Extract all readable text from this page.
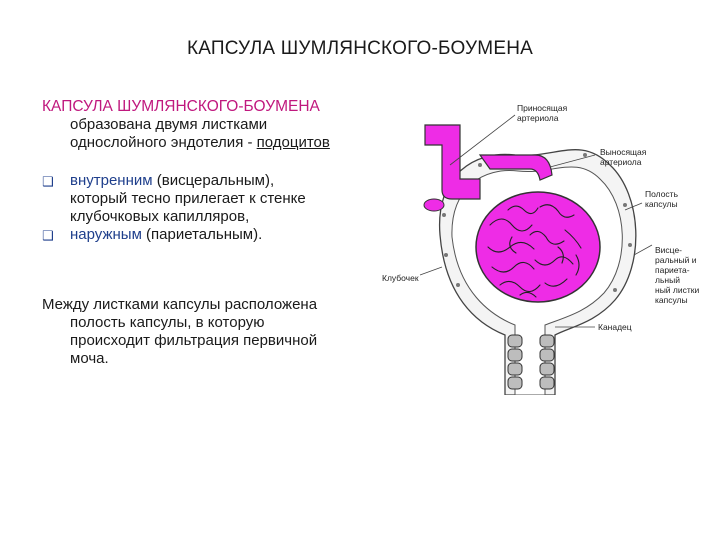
КАПСУЛА ШУМЛЯНСКОГО-БОУМЕНА
КАПСУЛА ШУМЛЯНСКОГО-БОУМЕНА
образована двумя листками
однослойного эндотелия - подоцитов
❑ внутренним (висцеральным),
который тесно прилегает к стенке
клубочковых капилляров,
❑ наружным (париетальным).
Между листками капсулы расположена
полость капсулы, в которую
происходит фильтрация первичной
моча.
Приносящая
артериола
Выносящая
артериола
Полость
капсулы
Висце-
ральный и
париета-
льный
ный листки
капсулы
Клубочек
Канадец
